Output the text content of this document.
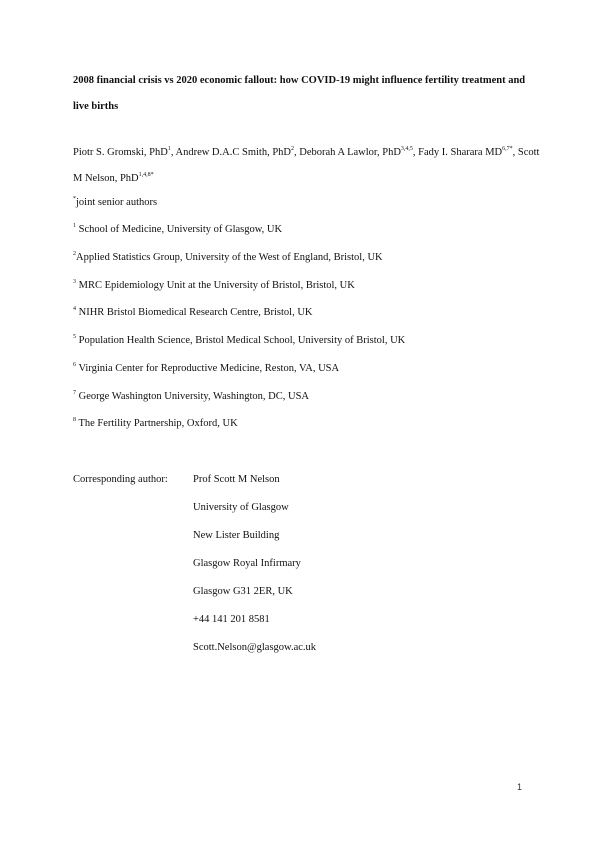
2008 financial crisis vs 2020 economic fallout: how COVID-19 might influence fertility treatment and live births

Piotr S. Gromski, PhD$^1$, Andrew D.A.C Smith, PhD$^2$, Deborah A Lawlor, PhD$^{3,4,5}$, Fady I. Sharara $MD^{6,7*}$, Scott M Nelson, PhD$^{1,4,8*}$
*joint senior authors
$^1$ School of Medicine, University of Glasgow, UK
$^2$Applied Statistics Group, University of the West of England, Bristol, UK
$^3$ MRC Epidemiology Unit at the University of Bristol, Bristol, UK
$^4$ NIHR Bristol Biomedical Research Centre, Bristol, UK
$^5$ Population Health Science, Bristol Medical School, University of Bristol, UK
$^6$ Virginia Center for Reproductive Medicine, Reston, VA, USA
$^7$ George Washington University, Washington, DC, USA
$^8$ The Fertility Partnership, Oxford, UK
Corresponding author: Prof Scott M Nelson
University of Glasgow
New Lister Building
Glasgow Royal Infirmary
Glasgow G31 2ER, UK
+44 141 201 8581
Scott.Nelson@glasgow.ac.uk
1
